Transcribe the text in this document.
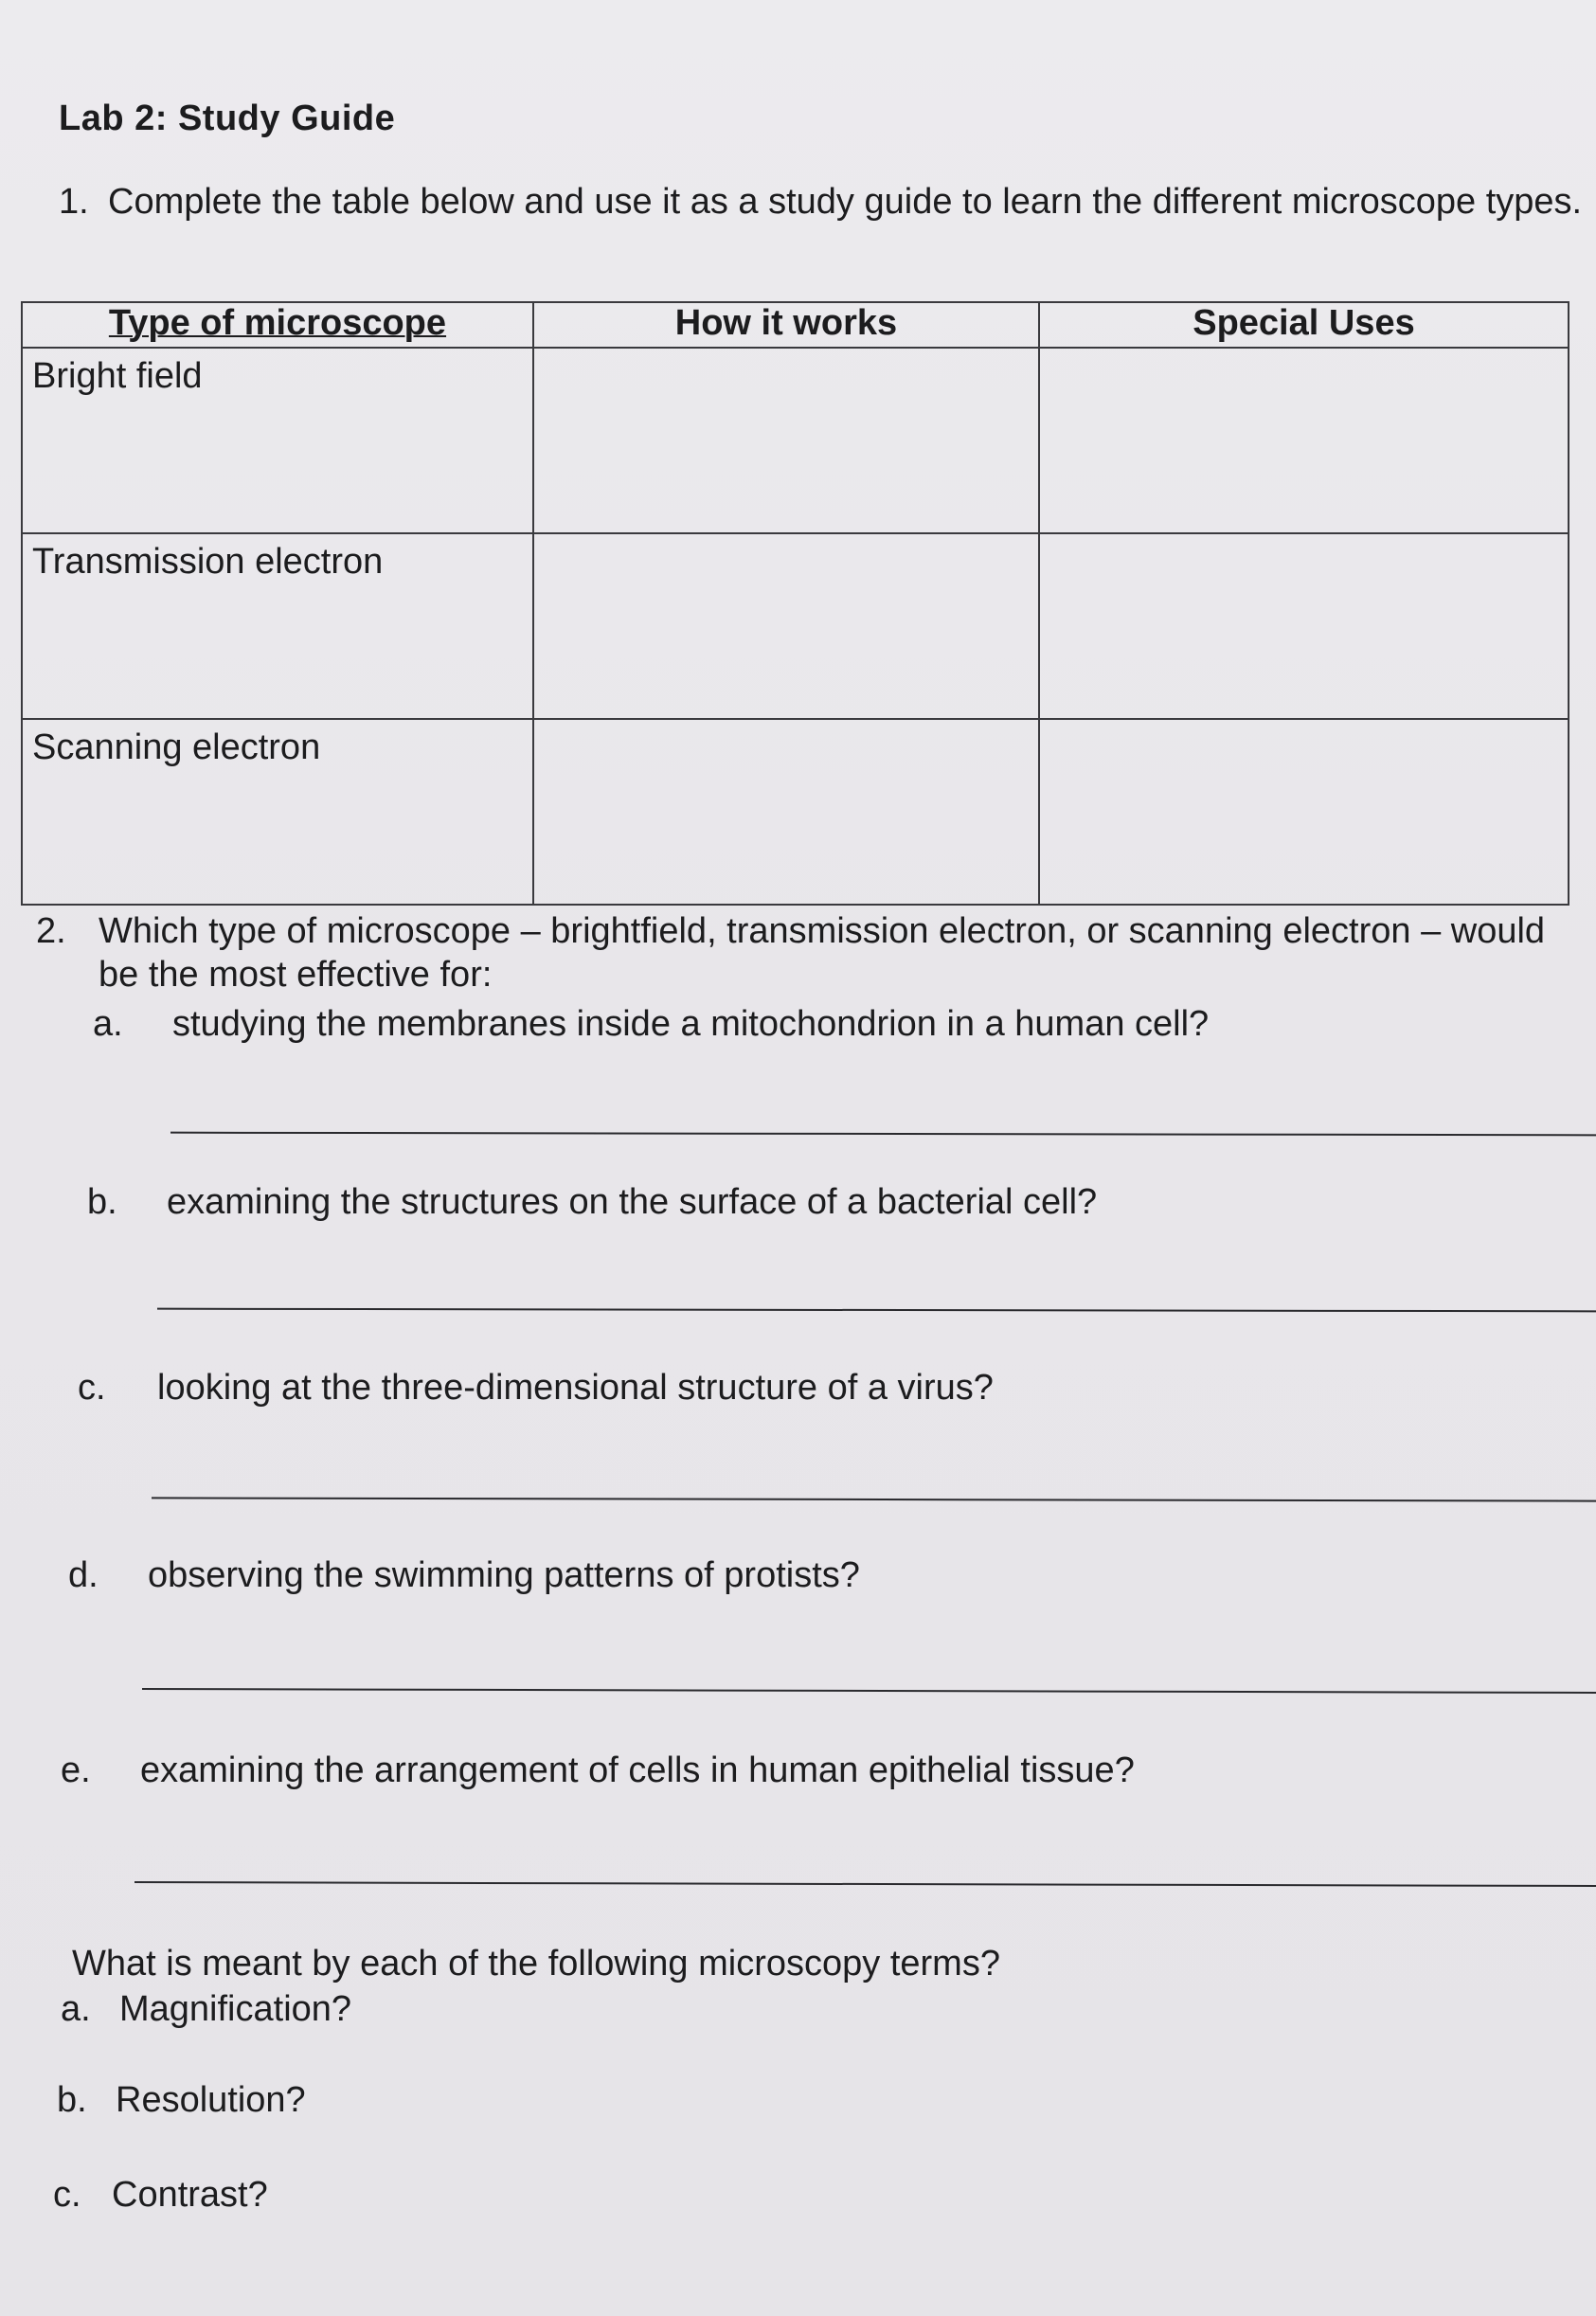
Lab 2: Study Guide
1. Complete the table below and use it as a study guide to learn the different microscope types.
Type of microscope	How it works	Special Uses
Bright field		
Transmission electron		
Scanning electron		
2. Which type of microscope – brightfield, transmission electron, or scanning electron – would be the most effective for:
a. studying the membranes inside a mitochondrion in a human cell?
b. examining the structures on the surface of a bacterial cell?
c. looking at the three-dimensional structure of a virus?
d. observing the swimming patterns of protists?
e. examining the arrangement of cells in human epithelial tissue?
What is meant by each of the following microscopy terms?
a. Magnification?
b. Resolution?
c. Contrast?
